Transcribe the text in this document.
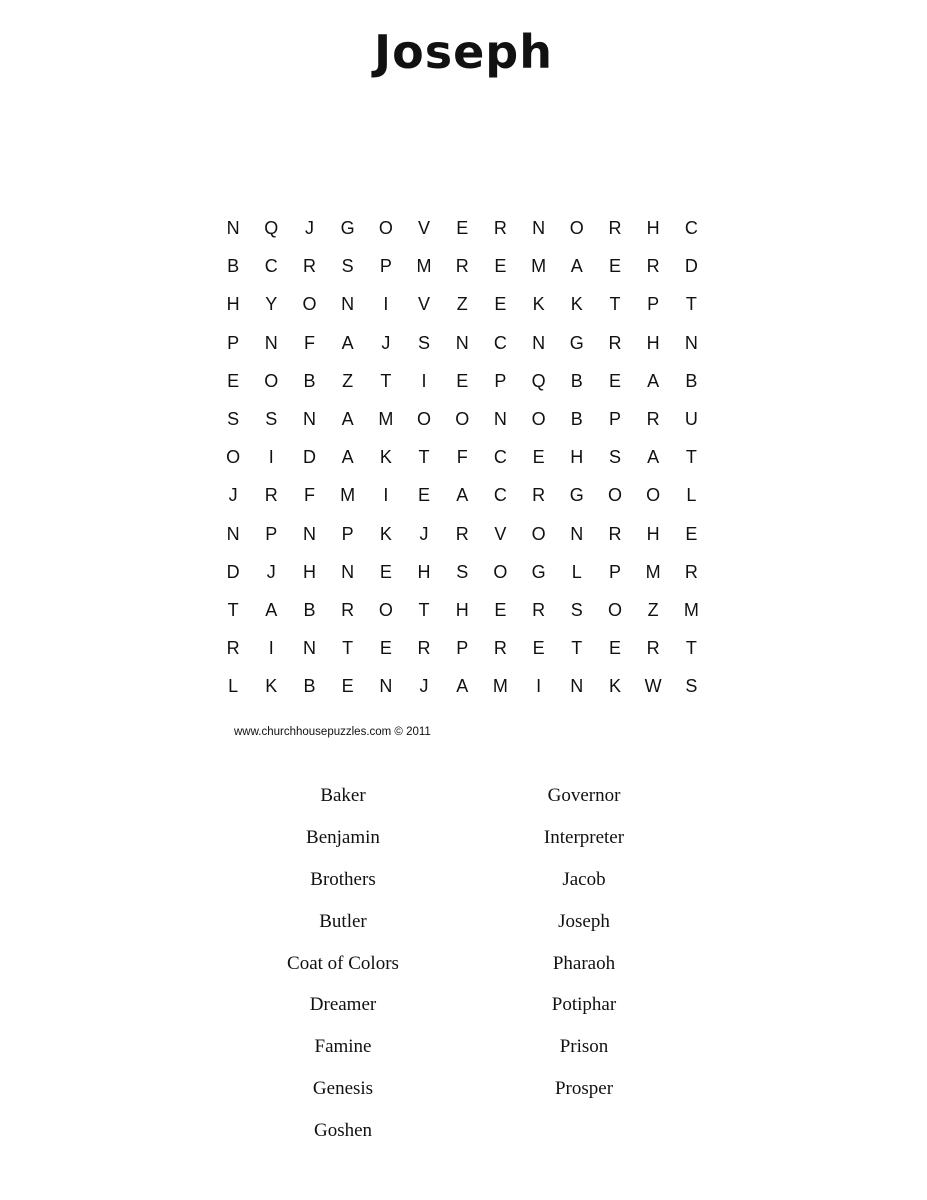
Joseph
N	Q	J	G	O	V	E	R	N	O	R	H	C
B	C	R	S	P	M	R	E	M	A	E	R	D
H	Y	O	N	I	V	Z	E	K	K	T	P	T
P	N	F	A	J	S	N	C	N	G	R	H	N
E	O	B	Z	T	I	E	P	Q	B	E	A	B
S	S	N	A	M	O	O	N	O	B	P	R	U
O	I	D	A	K	T	F	C	E	H	S	A	T
J	R	F	M	I	E	A	C	R	G	O	O	L
N	P	N	P	K	J	R	V	O	N	R	H	E
D	J	H	N	E	H	S	O	G	L	P	M	R
T	A	B	R	O	T	H	E	R	S	O	Z	M
R	I	N	T	E	R	P	R	E	T	E	R	T
L	K	B	E	N	J	A	M	I	N	K	W	S
www.churchhousepuzzles.com © 2011
Baker
Benjamin
Brothers
Butler
Coat of Colors
Dreamer
Famine
Genesis
Goshen
Governor
Interpreter
Jacob
Joseph
Pharaoh
Potiphar
Prison
Prosper
